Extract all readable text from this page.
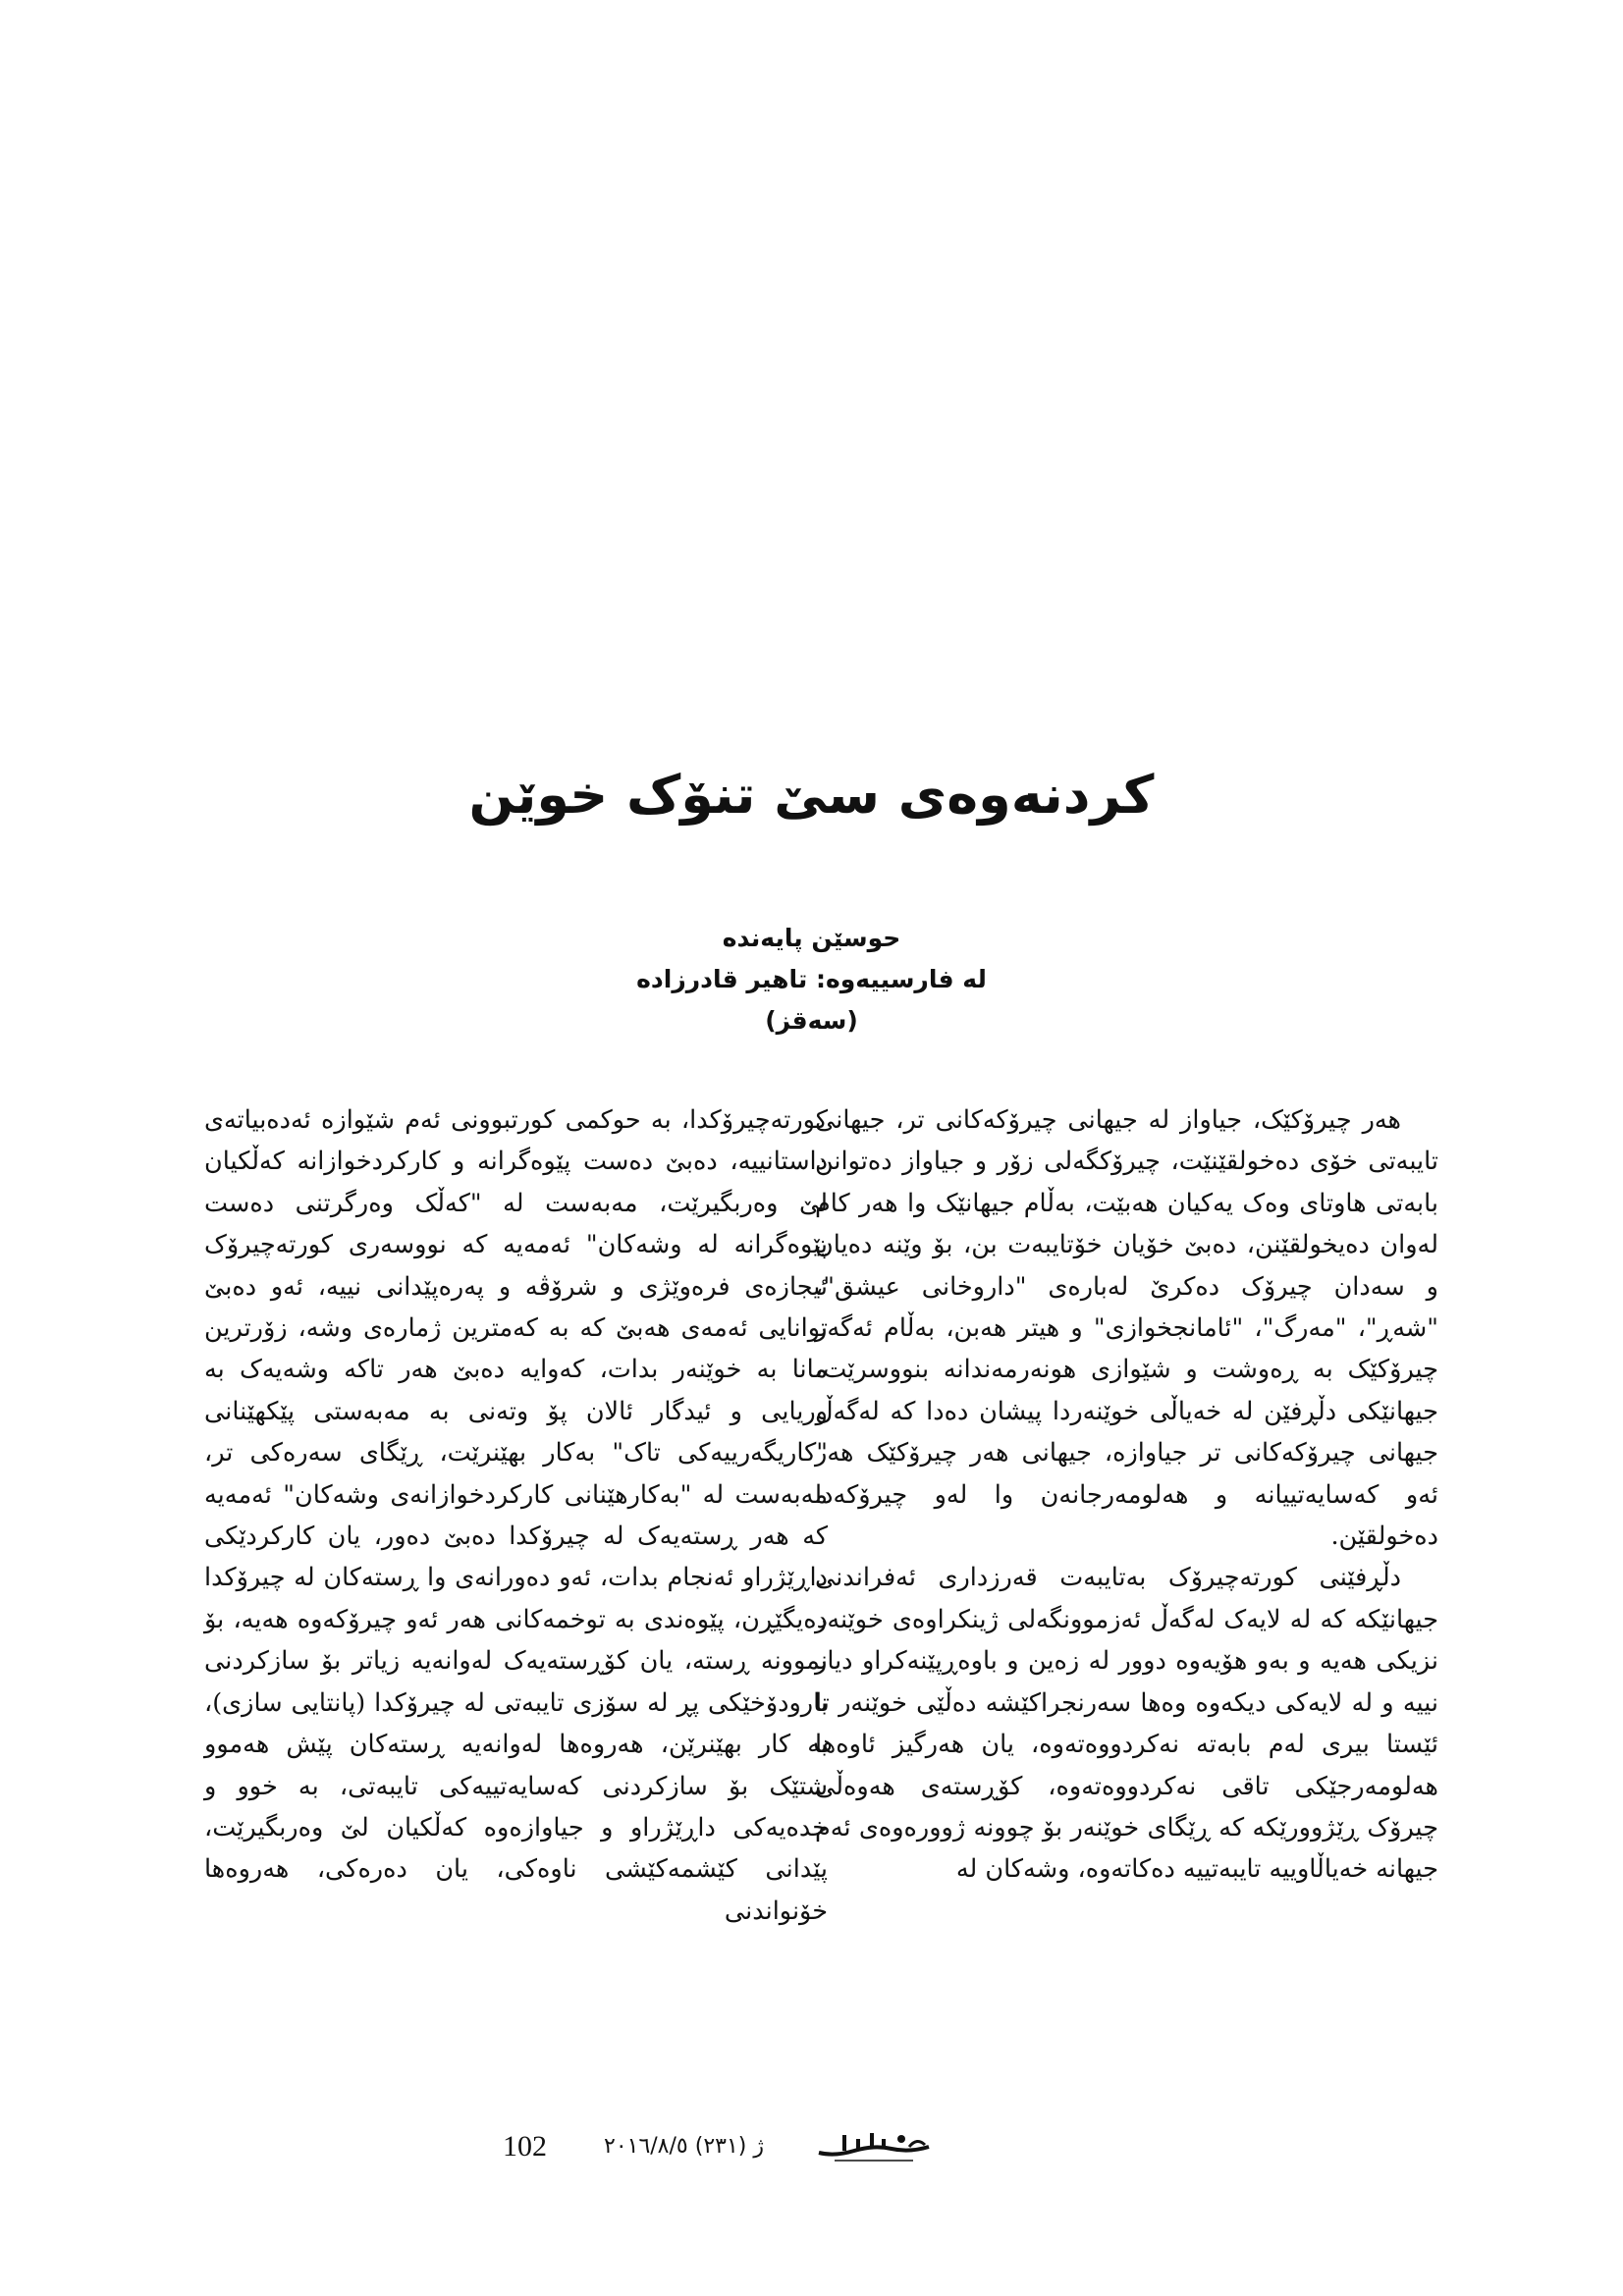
کردنەوەی سێ تنۆک خوێن
حوسێن پایەندە
لە فارسییەوە: تاهیر قادرزادە
(سەقز)

هەر چیرۆکێک، جیاواز لە جیهانی چیرۆکەکانی تر، جیهانی تایبەتی خۆی دەخولقێنێت، چیرۆکگەلی زۆر و جیاواز دەتوانن بابەتی هاوتای وەک یەکیان هەبێت، بەڵام جیهانێک وا هەر کام لەوان دەیخولقێنن، دەبێ خۆیان خۆتایبەت بن، بۆ وێنە دەیان و سەدان چیرۆک دەکرێ لەبارەی "داروخانی عیشق"، "شەڕ"، "مەرگ"، "ئامانجخوازی" و هیتر هەبن، بەڵام ئەگەر چیرۆکێک بە ڕەوشت و شێوازی هونەرمەندانە بنووسرێت، جیهانێکی دڵڕفێن لە خەیاڵی خوێنەردا پیشان دەدا کە لەگەڵ جیهانی چیرۆکەکانی تر جیاوازە، جیهانی هەر چیرۆکێک هەر ئەو کەسایەتییانە و هەلومەرجانەن وا لەو چیرۆکەدا دەخولقێن.

دڵڕفێنی کورتەچیرۆک بەتایبەت قەرزداری ئەفراندنی جیهانێکە کە لە لایەک لەگەڵ ئەزموونگەلی ژینکراوەی خوێنەر نزیکی هەیە و بەو هۆیەوە دوور لە زەین و باوەڕپێنەکراو دیار نییە و لە لایەکی دیکەوە وەها سەرنجراکێشە دەڵێی خوێنەر تا ئێستا بیری لەم بابەتە نەکردووەتەوە، یان هەرگیز ئاوەها هەلومەرجێکی تاقی نەکردووەتەوە، کۆڕستەی هەوەڵی چیرۆک ڕێژوورێکە کە ڕێگای خوێنەر بۆ چوونە ژوورەوەی ئەم جیهانە خەیاڵاوییە تایبەتییە دەکاتەوە، وشەکان لە

کورتەچیرۆکدا، بە حوکمی کورتبوونی ئەم شێوازە ئەدەبیاتەی داستانییە، دەبێ دەست پێوەگرانە و کارکردخوازانە کەڵکیان لێ وەربگیرێت، مەبەست لە "کەڵک وەرگرتنی دەست پێوەگرانە لە وشەکان" ئەمەیە کە نووسەری کورتەچیرۆک ئیجازەی فرەوێژی و شرۆڤە و پەرەپێدانی نییە، ئەو دەبێ توانایی ئەمەی هەبێ کە بە کەمترین ژمارەی وشە، زۆرترین مانا بە خوێنەر بدات، کەوایە دەبێ هەر تاکە وشەیەک بە وریایی و ئیدگار ئالان پۆ وتەنی بە مەبەستی پێکهێنانی "کاریگەرییەکی تاک" بەکار بهێنرێت، ڕێگای سەرەکی تر، مەبەست لە "بەکارهێنانی کارکردخوازانەی وشەکان" ئەمەیە کە هەر ڕستەیەک لە چیرۆکدا دەبێ دەور، یان کارکردێکی داڕێژراو ئەنجام بدات، ئەو دەورانەی وا ڕستەکان لە چیرۆکدا دەیگێڕن، پێوەندی بە توخمەکانی هەر ئەو چیرۆکەوە هەیە، بۆ نموونە ڕستە، یان کۆڕستەیەک لەوانەیە زیاتر بۆ سازکردنی بارودۆخێکی پڕ لە سۆزی تایبەتی لە چیرۆکدا (پانتایی سازی)، بە کار بهێنرێن، هەروەها لەوانەیە ڕستەکان پێش هەموو شتێک بۆ سازکردنی کەسایەتییەکی تایبەتی، بە خوو و خدەیەکی داڕێژراو و جیاوازەوە کەڵکیان لێ وەربگیرێت، پێدانی کێشمەکێشی ناوەکی، یان دەرەکی، هەروەها خۆنواندنی

102	ژ (٢٣١) ٢٠١٦/٨/٥
